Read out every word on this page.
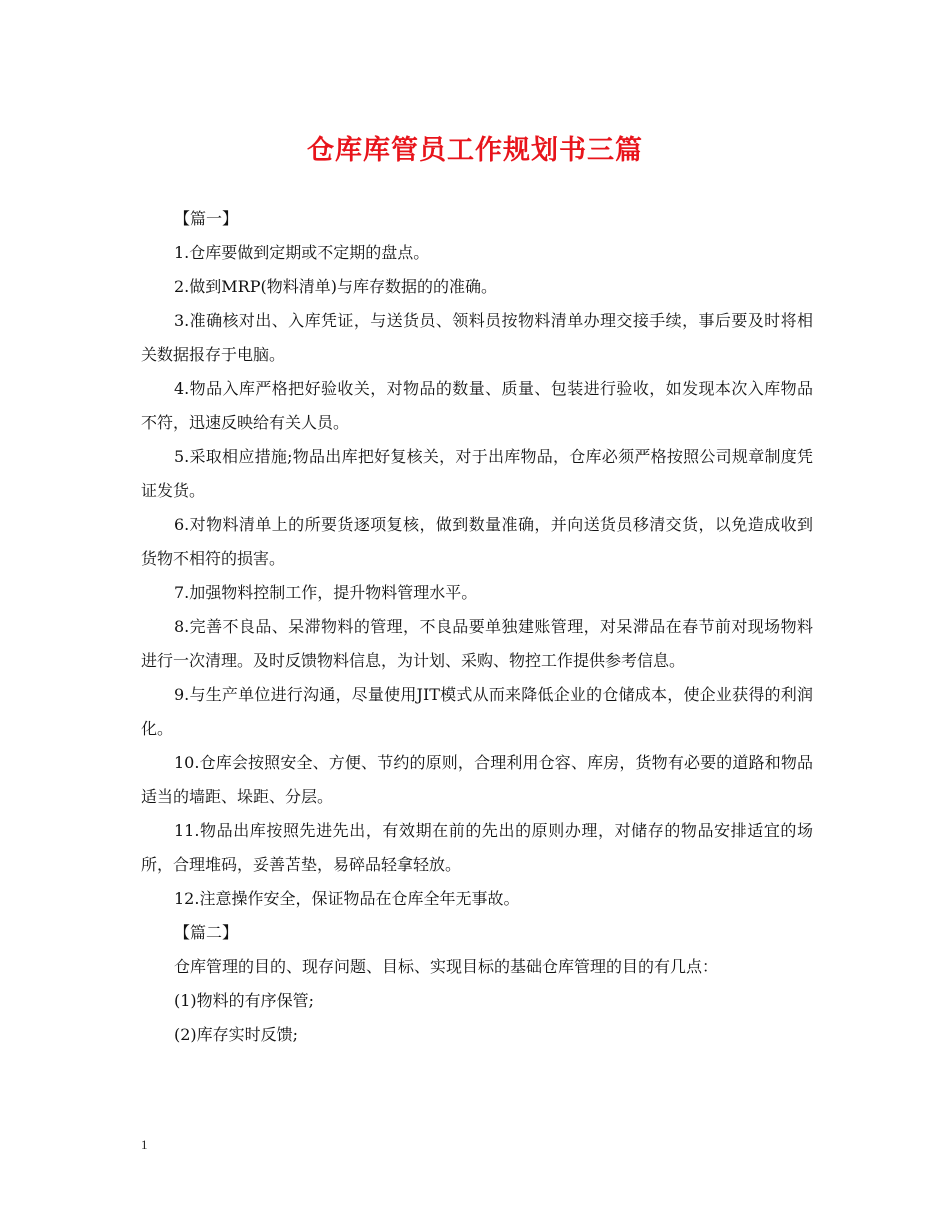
仓库库管员工作规划书三篇

【篇一】

1.仓库要做到定期或不定期的盘点。

2.做到MRP(物料清单)与库存数据的的准确。

3.准确核对出、入库凭证，与送货员、领料员按物料清单办理交接手续，事后要及时将相关数据报存于电脑。

4.物品入库严格把好验收关，对物品的数量、质量、包装进行验收，如发现本次入库物品不符，迅速反映给有关人员。

5.采取相应措施;物品出库把好复核关，对于出库物品，仓库必须严格按照公司规章制度凭证发货。

6.对物料清单上的所要货逐项复核，做到数量准确，并向送货员移清交货，以免造成收到货物不相符的损害。

7.加强物料控制工作，提升物料管理水平。

8.完善不良品、呆滞物料的管理，不良品要单独建账管理，对呆滞品在春节前对现场物料进行一次清理。及时反馈物料信息，为计划、采购、物控工作提供参考信息。

9.与生产单位进行沟通，尽量使用JIT模式从而来降低企业的仓储成本，使企业获得的利润化。

10.仓库会按照安全、方便、节约的原则，合理利用仓容、库房，货物有必要的道路和物品适当的墙距、垛距、分层。

11.物品出库按照先进先出，有效期在前的先出的原则办理，对储存的物品安排适宜的场所，合理堆码，妥善苫垫，易碎品轻拿轻放。

12.注意操作安全，保证物品在仓库全年无事故。

【篇二】

仓库管理的目的、现存问题、目标、实现目标的基础仓库管理的目的有几点：

(1)物料的有序保管;

(2)库存实时反馈;

1
